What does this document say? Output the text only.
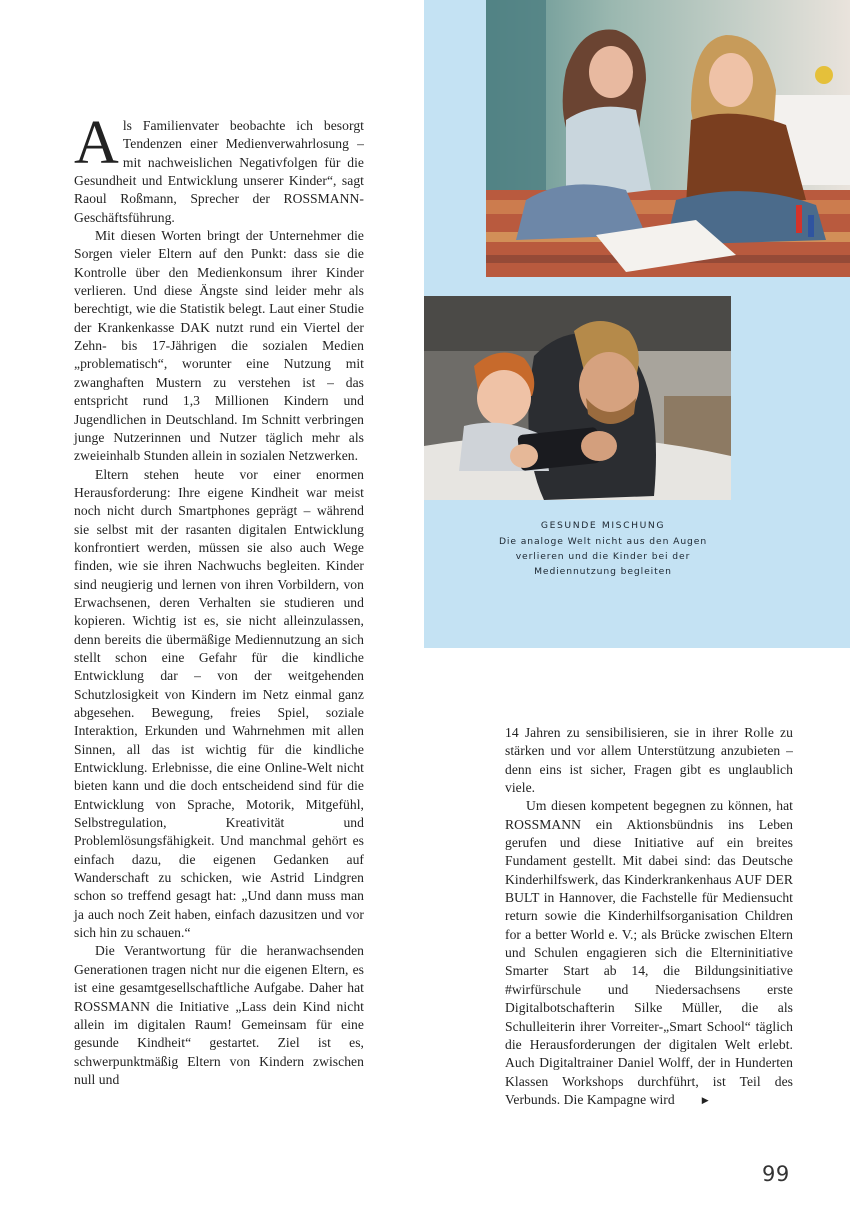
GESUNDE MISCHUNG
Die analoge Welt nicht aus den Augen verlieren und die Kinder bei der Mediennutzung begleiten

Als Familienvater beobachte ich besorgt Tendenzen einer Medienverwahrlosung – mit nachweislichen Negativfolgen für die Gesundheit und Entwicklung unserer Kinder“, sagt Raoul Roßmann, Sprecher der ROSSMANN-Geschäftsführung.

Mit diesen Worten bringt der Unternehmer die Sorgen vieler Eltern auf den Punkt: dass sie die Kontrolle über den Medienkonsum ihrer Kinder verlieren. Und diese Ängste sind leider mehr als berechtigt, wie die Statistik belegt. Laut einer Studie der Krankenkasse DAK nutzt rund ein Viertel der Zehn- bis 17-Jährigen die sozialen Medien „problematisch“, worunter eine Nutzung mit zwanghaften Mustern zu verstehen ist – das entspricht rund 1,3 Millionen Kindern und Jugendlichen in Deutschland. Im Schnitt verbringen junge Nutzerinnen und Nutzer täglich mehr als zweieinhalb Stunden allein in sozialen Netzwerken.

Eltern stehen heute vor einer enormen Herausforderung: Ihre eigene Kindheit war meist noch nicht durch Smartphones geprägt – während sie selbst mit der rasanten digitalen Entwicklung konfrontiert werden, müssen sie also auch Wege finden, wie sie ihren Nachwuchs begleiten. Kinder sind neugierig und lernen von ihren Vorbildern, von Erwachsenen, deren Verhalten sie studieren und kopieren. Wichtig ist es, sie nicht alleinzulassen, denn bereits die übermäßige Mediennutzung an sich stellt schon eine Gefahr für die kindliche Entwicklung dar – von der weitgehenden Schutzlosigkeit von Kindern im Netz einmal ganz abgesehen. Bewegung, freies Spiel, soziale Interaktion, Erkunden und Wahrnehmen mit allen Sinnen, all das ist wichtig für die kindliche Entwicklung. Erlebnisse, die eine Online-Welt nicht bieten kann und die doch entscheidend sind für die Entwicklung von Sprache, Motorik, Mitgefühl, Selbstregulation, Kreativität und Problemlösungsfähigkeit. Und manchmal gehört es einfach dazu, die eigenen Gedanken auf Wanderschaft zu schicken, wie Astrid Lindgren schon so treffend gesagt hat: „Und dann muss man ja auch noch Zeit haben, einfach dazusitzen und vor sich hin zu schauen.“

Die Verantwortung für die heranwachsenden Generationen tragen nicht nur die eigenen Eltern, es ist eine gesamtgesellschaftliche Aufgabe. Daher hat ROSSMANN die Initiative „Lass dein Kind nicht allein im digitalen Raum! Gemeinsam für eine gesunde Kindheit“ gestartet. Ziel ist es, schwerpunktmäßig Eltern von Kindern zwischen null und

14 Jahren zu sensibilisieren, sie in ihrer Rolle zu stärken und vor allem Unterstützung anzubieten – denn eins ist sicher, Fragen gibt es unglaublich viele.

Um diesen kompetent begegnen zu können, hat ROSSMANN ein Aktionsbündnis ins Leben gerufen und diese Initiative auf ein breites Fundament gestellt. Mit dabei sind: das Deutsche Kinderhilfswerk, das Kinderkrankenhaus AUF DER BULT in Hannover, die Fachstelle für Mediensucht return sowie die Kinderhilfsorganisation Children for a better World e. V.; als Brücke zwischen Eltern und Schulen engagieren sich die Elterninitiative Smarter Start ab 14, die Bildungsinitiative #wirfürschule und Niedersachsens erste Digitalbotschafterin Silke Müller, die als Schulleiterin ihrer Vorreiter-„Smart School“ täglich die Herausforderungen der digitalen Welt erlebt. Auch Digitaltrainer Daniel Wolff, der in Hunderten Klassen Workshops durchführt, ist Teil des Verbunds. Die Kampagne wird	▶

99
